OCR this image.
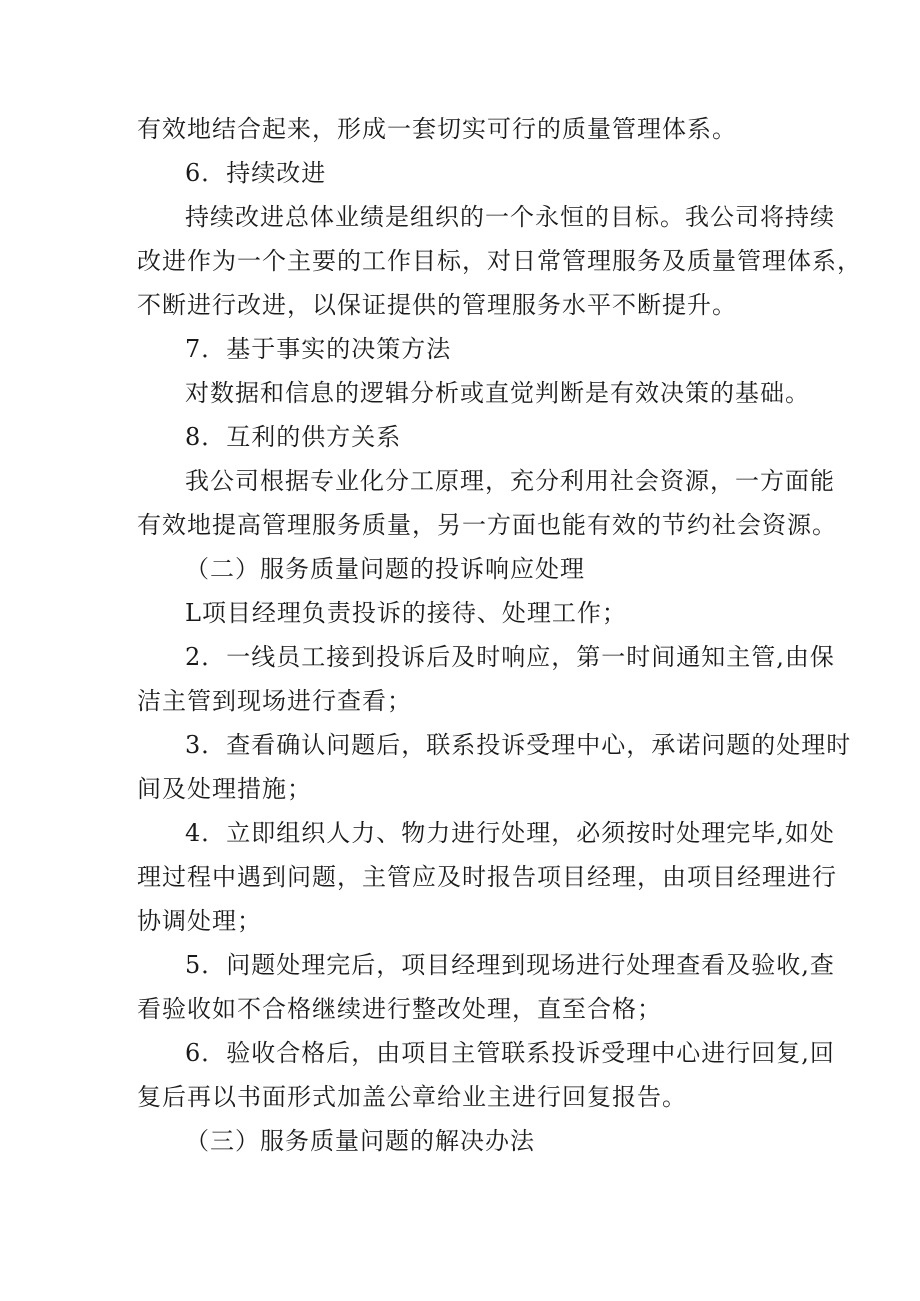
有效地结合起来，形成一套切实可行的质量管理体系。
6．持续改进
持续改进总体业绩是组织的一个永恒的目标。我公司将持续
改进作为一个主要的工作目标，对日常管理服务及质量管理体系，
不断进行改进，以保证提供的管理服务水平不断提升。
7．基于事实的决策方法
对数据和信息的逻辑分析或直觉判断是有效决策的基础。
8．互利的供方关系
我公司根据专业化分工原理，充分利用社会资源，一方面能
有效地提高管理服务质量，另一方面也能有效的节约社会资源。
（二）服务质量问题的投诉响应处理
L项目经理负责投诉的接待、处理工作；
2．一线员工接到投诉后及时响应，第一时间通知主管,由保
洁主管到现场进行查看；
3．查看确认问题后，联系投诉受理中心，承诺问题的处理时
间及处理措施；
4．立即组织人力、物力进行处理，必须按时处理完毕,如处
理过程中遇到问题，主管应及时报告项目经理，由项目经理进行
协调处理；
5．问题处理完后，项目经理到现场进行处理查看及验收,查
看验收如不合格继续进行整改处理，直至合格；
6．验收合格后，由项目主管联系投诉受理中心进行回复,回
复后再以书面形式加盖公章给业主进行回复报告。
（三）服务质量问题的解决办法
